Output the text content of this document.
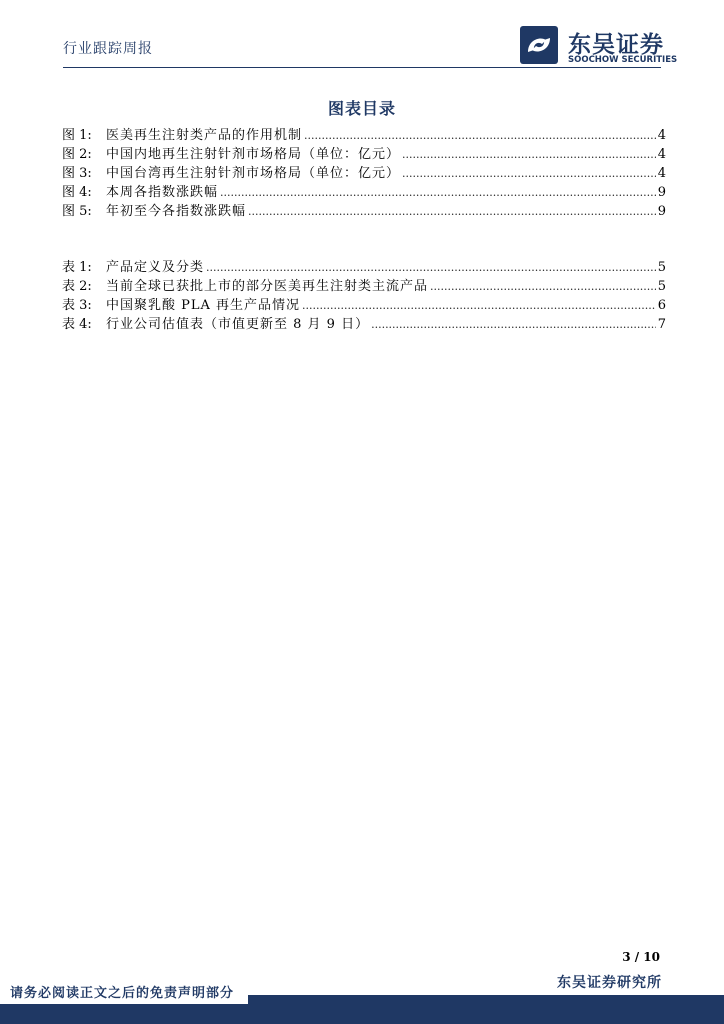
行业跟踪周报	东吴证券
SOOCHOW SECURITIES
图表目录
图 1:	医美再生注射类产品的作用机制 .....	4
图 2:	中国内地再生注射针剂市场格局（单位：亿元） .....	4
图 3:	中国台湾再生注射针剂市场格局（单位：亿元） .....	4
图 4:	本周各指数涨跌幅 .....	9
图 5:	年初至今各指数涨跌幅 .....	9
表 1:	产品定义及分类 .....	5
表 2:	当前全球已获批上市的部分医美再生注射类主流产品 .....	5
表 3:	中国聚乳酸 PLA 再生产品情况 .....	6
表 4:	行业公司估值表（市值更新至 8 月 9 日） .....	7
3 / 10
东吴证券研究所
请务必阅读正文之后的免责声明部分
